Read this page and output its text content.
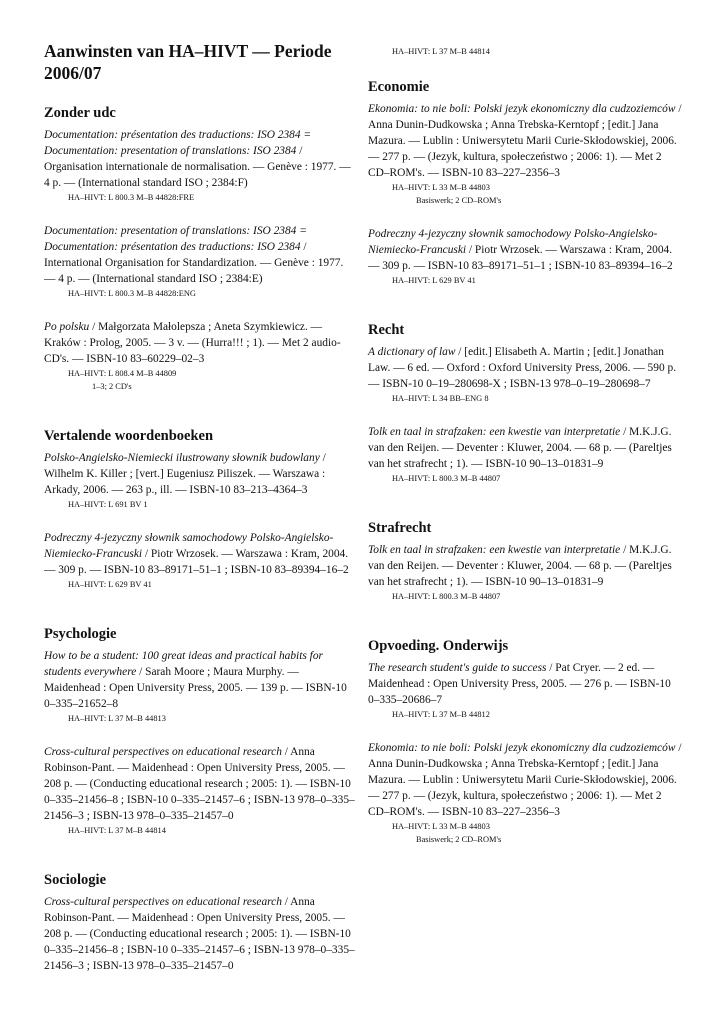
Aanwinsten van HA–HIVT — Periode 2006/07
Zonder udc
Documentation: présentation des traductions: ISO 2384 = Documentation: presentation of translations: ISO 2384 / Organisation internationale de normalisation. — Genève : 1977. — 4 p. — (International standard ISO ; 2384:F)
HA–HIVT: L 800.3 M–B 44828:FRE
Documentation: presentation of translations: ISO 2384 = Documentation: présentation des traductions: ISO 2384 / International Organisation for Standardization. — Genève : 1977. — 4 p. — (International standard ISO ; 2384:E)
HA–HIVT: L 800.3 M–B 44828:ENG
Po polsku / Małgorzata Małolepsza ; Aneta Szymkiewicz. — Kraków : Prolog, 2005. — 3 v. — (Hurra!!! ; 1). — Met 2 audio-CD's. — ISBN-10 83–60229–02–3
HA–HIVT: L 808.4 M–B 44809
1–3; 2 CD's
Vertalende woordenboeken
Polsko-Angielsko-Niemiecki ilustrowany słownik budowlany / Wilhelm K. Killer ; [vert.] Eugeniusz Piliszek. — Warszawa : Arkady, 2006. — 263 p., ill. — ISBN-10 83–213–4364–3
HA–HIVT: L 691 BV 1
Podreczny 4-jezyczny słownik samochodowy Polsko-Angielsko-Niemiecko-Francuski / Piotr Wrzosek. — Warszawa : Kram, 2004. — 309 p. — ISBN-10 83–89171–51–1 ; ISBN-10 83–89394–16–2
HA–HIVT: L 629 BV 41
Psychologie
How to be a student: 100 great ideas and practical habits for students everywhere / Sarah Moore ; Maura Murphy. — Maidenhead : Open University Press, 2005. — 139 p. — ISBN-10 0–335–21652–8
HA–HIVT: L 37 M–B 44813
Cross-cultural perspectives on educational research / Anna Robinson-Pant. — Maidenhead : Open University Press, 2005. — 208 p. — (Conducting educational research ; 2005: 1). — ISBN-10 0–335–21456–8 ; ISBN-10 0–335–21457–6 ; ISBN-13 978–0–335–21456–3 ; ISBN-13 978–0–335–21457–0
HA–HIVT: L 37 M–B 44814
Sociologie
Cross-cultural perspectives on educational research / Anna Robinson-Pant. — Maidenhead : Open University Press, 2005. — 208 p. — (Conducting educational research ; 2005: 1). — ISBN-10 0–335–21456–8 ; ISBN-10 0–335–21457–6 ; ISBN-13 978–0–335–21456–3 ; ISBN-13 978–0–335–21457–0
HA–HIVT: L 37 M–B 44814
Economie
Ekonomia: to nie boli: Polski jezyk ekonomiczny dla cudzoziemców / Anna Dunin-Dudkowska ; Anna Trebska-Kerntopf ; [edit.] Jana Mazura. — Lublin : Uniwersytetu Marii Curie-Skłodowskiej, 2006. — 277 p. — (Jezyk, kultura, społeczeństwo ; 2006: 1). — Met 2 CD–ROM's. — ISBN-10 83–227–2356–3
HA–HIVT: L 33 M–B 44803
Basiswerk; 2 CD–ROM's
Podreczny 4-jezyczny słownik samochodowy Polsko-Angielsko-Niemiecko-Francuski / Piotr Wrzosek. — Warszawa : Kram, 2004. — 309 p. — ISBN-10 83–89171–51–1 ; ISBN-10 83–89394–16–2
HA–HIVT: L 629 BV 41
Recht
A dictionary of law / [edit.] Elisabeth A. Martin ; [edit.] Jonathan Law. — 6 ed. — Oxford : Oxford University Press, 2006. — 590 p. — ISBN-10 0–19–280698-X ; ISBN-13 978–0–19–280698–7
HA–HIVT: L 34 BB–ENG 8
Tolk en taal in strafzaken: een kwestie van interpretatie / M.K.J.G. van den Reijen. — Deventer : Kluwer, 2004. — 68 p. — (Pareltjes van het strafrecht ; 1). — ISBN-10 90–13–01831–9
HA–HIVT: L 800.3 M–B 44807
Strafrecht
Tolk en taal in strafzaken: een kwestie van interpretatie / M.K.J.G. van den Reijen. — Deventer : Kluwer, 2004. — 68 p. — (Pareltjes van het strafrecht ; 1). — ISBN-10 90–13–01831–9
HA–HIVT: L 800.3 M–B 44807
Opvoeding. Onderwijs
The research student's guide to success / Pat Cryer. — 2 ed. — Maidenhead : Open University Press, 2005. — 276 p. — ISBN-10 0–335–20686–7
HA–HIVT: L 37 M–B 44812
Ekonomia: to nie boli: Polski jezyk ekonomiczny dla cudzoziemców / Anna Dunin-Dudkowska ; Anna Trebska-Kerntopf ; [edit.] Jana Mazura. — Lublin : Uniwersytetu Marii Curie-Skłodowskiej, 2006. — 277 p. — (Jezyk, kultura, społeczeństwo ; 2006: 1). — Met 2 CD–ROM's. — ISBN-10 83–227–2356–3
HA–HIVT: L 33 M–B 44803
Basiswerk; 2 CD–ROM's
